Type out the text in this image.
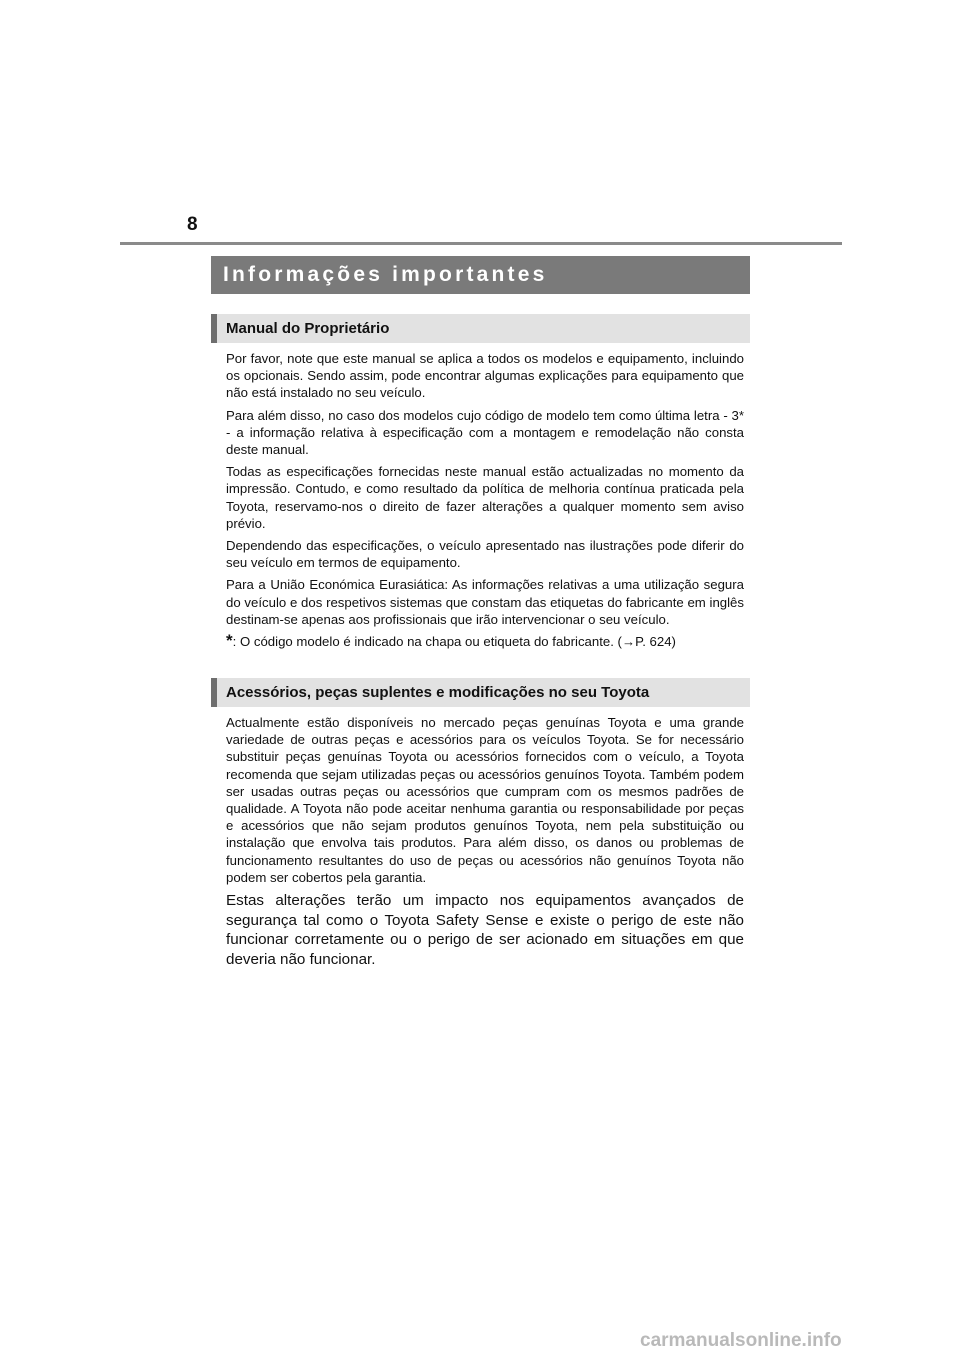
8
Informações importantes
Manual do Proprietário

Por favor, note que este manual se aplica a todos os modelos e equipamento, incluindo os opcionais. Sendo assim, pode encontrar algumas explicações para equipamento que não está instalado no seu veículo.

Para além disso, no caso dos modelos cujo código de modelo tem como última letra - 3* - a informação relativa à especificação com a montagem e remodelação não consta deste manual.

Todas as especificações fornecidas neste manual estão actualizadas no momento da impressão. Contudo, e como resultado da política de melhoria contínua praticada pela Toyota, reservamo-nos o direito de fazer alterações a qualquer momento sem aviso prévio.

Dependendo das especificações, o veículo apresentado nas ilustrações pode diferir do seu veículo em termos de equipamento.

Para a União Económica Eurasiática: As informações relativas a uma utilização segura do veículo e dos respetivos sistemas que constam das etiquetas do fabricante em inglês destinam-se apenas aos profissionais que irão intervencionar o seu veículo.

*: O código modelo é indicado na chapa ou etiqueta do fabricante. (→P. 624)
Acessórios, peças suplentes e modificações no seu Toyota

Actualmente estão disponíveis no mercado peças genuínas Toyota e uma grande variedade de outras peças e acessórios para os veículos Toyota. Se for necessário substituir peças genuínas Toyota ou acessórios fornecidos com o veículo, a Toyota recomenda que sejam utilizadas peças ou acessórios genuínos Toyota. Também podem ser usadas outras peças ou acessórios que cumpram com os mesmos padrões de qualidade. A Toyota não pode aceitar nenhuma garantia ou responsabilidade por peças e acessórios que não sejam produtos genuínos Toyota, nem pela substituição ou instalação que envolva tais produtos. Para além disso, os danos ou problemas de funcionamento resultantes do uso de peças ou acessórios não genuínos Toyota não podem ser cobertos pela garantia.

Estas alterações terão um impacto nos equipamentos avançados de segurança tal como o Toyota Safety Sense e existe o perigo de este não funcionar corretamente ou o perigo de ser acionado em situações em que deveria não funcionar.

carmanualsonline.info
